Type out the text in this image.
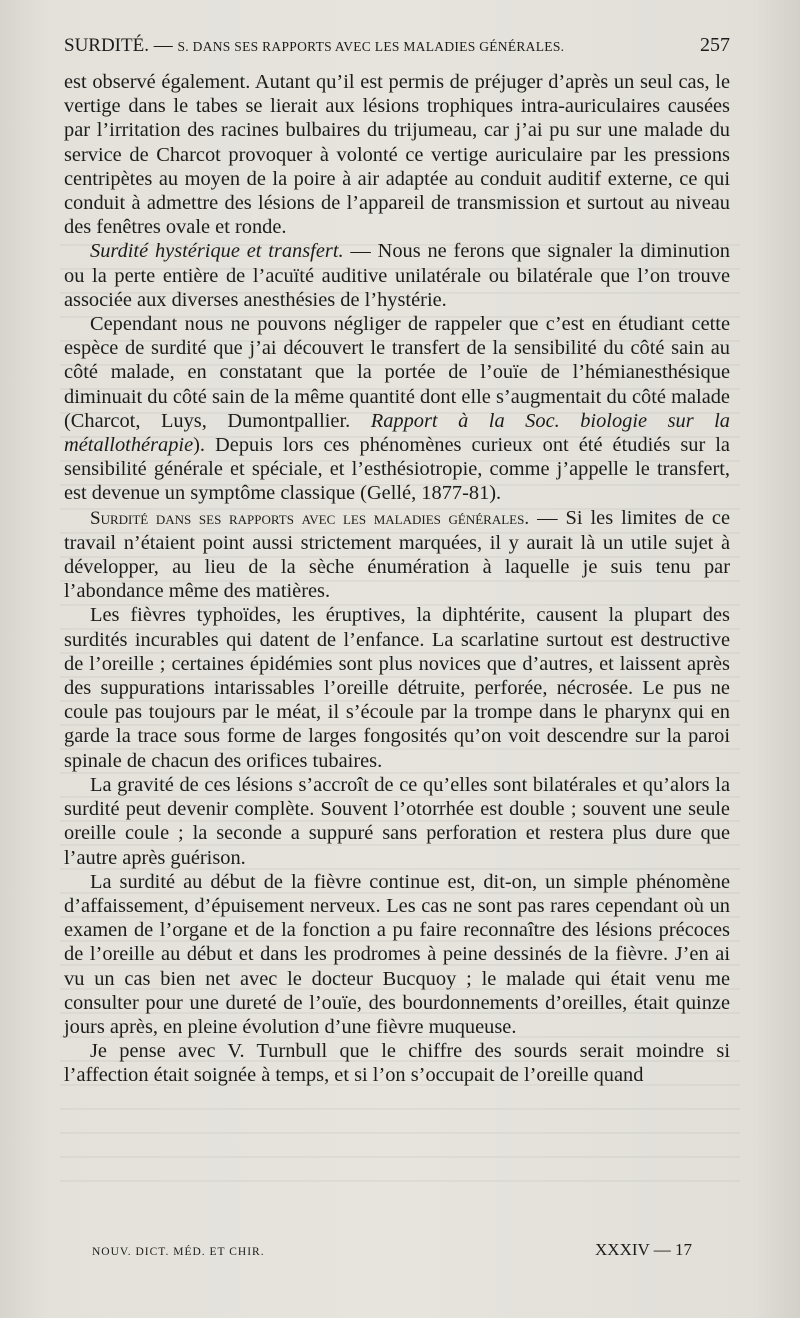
SURDITÉ. — S. DANS SES RAPPORTS AVEC LES MALADIES GÉNÉRALES.	257

est observé également. Autant qu’il est permis de préjuger d’après un seul cas, le vertige dans le tabes se lierait aux lésions trophiques intra-auriculaires causées par l’irritation des racines bulbaires du trijumeau, car j’ai pu sur une malade du service de Charcot provoquer à volonté ce vertige auriculaire par les pressions centripètes au moyen de la poire à air adaptée au conduit auditif externe, ce qui conduit à admettre des lésions de l’appareil de transmission et surtout au niveau des fenêtres ovale et ronde.

Surdité hystérique et transfert. — Nous ne ferons que signaler la diminution ou la perte entière de l’acuïté auditive unilatérale ou bilatérale que l’on trouve associée aux diverses anesthésies de l’hystérie.

Cependant nous ne pouvons négliger de rappeler que c’est en étudiant cette espèce de surdité que j’ai découvert le transfert de la sensibilité du côté sain au côté malade, en constatant que la portée de l’ouïe de l’hémianesthésique diminuait du côté sain de la même quantité dont elle s’augmentait du côté malade (Charcot, Luys, Dumontpallier. Rapport à la Soc. biologie sur la métallothérapie). Depuis lors ces phénomènes curieux ont été étudiés sur la sensibilité générale et spéciale, et l’esthésiotropie, comme j’appelle le transfert, est devenue un symptôme classique (Gellé, 1877-81).

Surdité dans ses rapports avec les maladies générales. — Si les limites de ce travail n’étaient point aussi strictement marquées, il y aurait là un utile sujet à développer, au lieu de la sèche énumération à laquelle je suis tenu par l’abondance même des matières.

Les fièvres typhoïdes, les éruptives, la diphtérite, causent la plupart des surdités incurables qui datent de l’enfance. La scarlatine surtout est destructive de l’oreille ; certaines épidémies sont plus novices que d’autres, et laissent après des suppurations intarissables l’oreille détruite, perforée, nécrosée. Le pus ne coule pas toujours par le méat, il s’écoule par la trompe dans le pharynx qui en garde la trace sous forme de larges fongosités qu’on voit descendre sur la paroi spinale de chacun des orifices tubaires.

La gravité de ces lésions s’accroît de ce qu’elles sont bilatérales et qu’alors la surdité peut devenir complète. Souvent l’otorrhée est double ; souvent une seule oreille coule ; la seconde a suppuré sans perforation et restera plus dure que l’autre après guérison.

La surdité au début de la fièvre continue est, dit-on, un simple phénomène d’affaissement, d’épuisement nerveux. Les cas ne sont pas rares cependant où un examen de l’organe et de la fonction a pu faire reconnaître des lésions précoces de l’oreille au début et dans les prodromes à peine dessinés de la fièvre. J’en ai vu un cas bien net avec le docteur Bucquoy ; le malade qui était venu me consulter pour une dureté de l’ouïe, des bourdonnements d’oreilles, était quinze jours après, en pleine évolution d’une fièvre muqueuse.

Je pense avec V. Turnbull que le chiffre des sourds serait moindre si l’affection était soignée à temps, et si l’on s’occupait de l’oreille quand

NOUV. DICT. MÉD. ET CHIR.	XXXIV — 17
